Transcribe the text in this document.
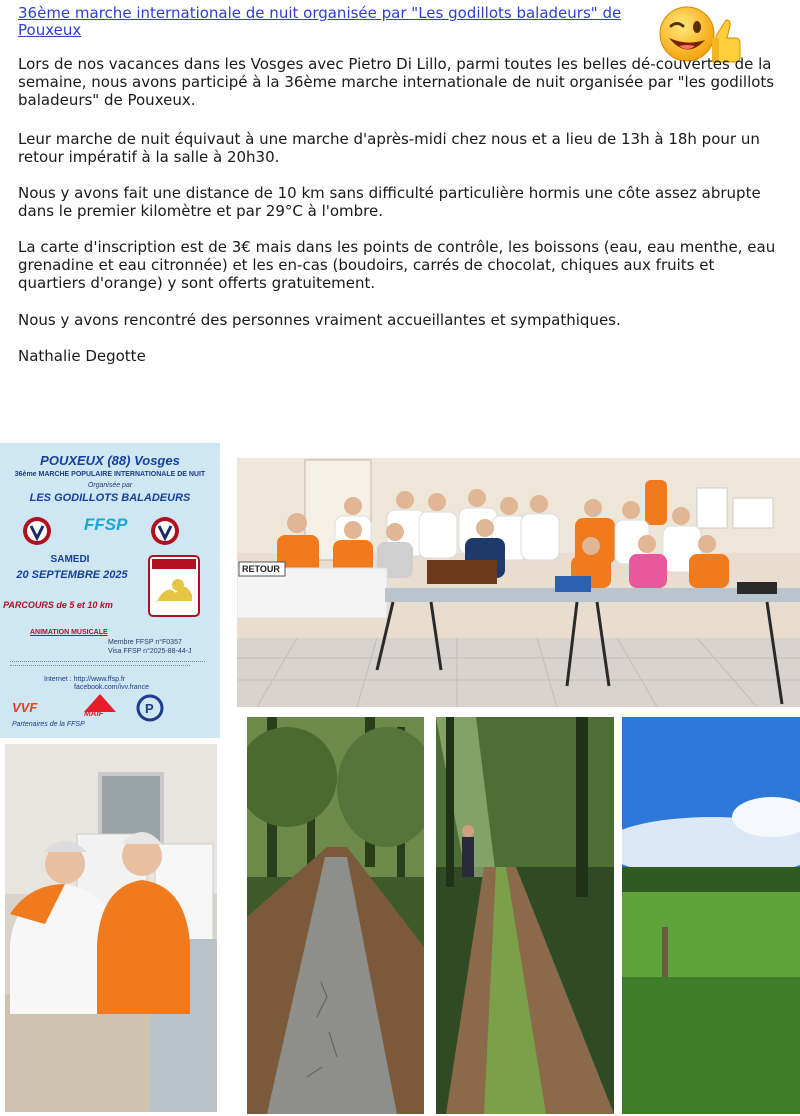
36ème marche internationale de nuit organisée par "Les godillots baladeurs" de Pouxeux

Lors de nos vacances dans les Vosges avec Pietro Di Lillo, parmi toutes les belles dé-couvertes de la semaine, nous avons participé à la 36ème marche internationale de nuit organisée par "les godillots baladeurs" de Pouxeux.

Leur marche de nuit équivaut à une marche d'après-midi chez nous et a lieu de 13h à 18h pour un retour impératif à la salle à 20h30.

Nous y avons fait une distance de 10 km sans difficulté particulière hormis une côte assez abrupte dans le premier kilomètre et par 29°C à l'ombre.

La carte d'inscription est de 3€ mais dans les points de contrôle, les boissons (eau, eau menthe, eau grenadine et eau citronnée) et les en-cas (boudoirs, carrés de chocolat, chiques aux fruits et quartiers d'orange) y sont offerts gratuitement.

Nous y avons rencontré des personnes vraiment accueillantes et sympathiques.

Nathalie Degotte

POUXEUX (88) Vosges
36ème MARCHE POPULAIRE INTERNATIONALE DE NUIT
Organisée par
LES GODILLOTS BALADEURS
FFSP
SAMEDI
20 SEPTEMBRE 2025
PARCOURS de 5 et 10 km
ANIMATION MUSICALE
Membre FFSP n°F0357
Visa FFSP n°2025-88-44-J
Internet : http://www.ffsp.fr
facebook.com/ivv.france
VVF	MAIF	P
Partenaires de la FFSP
RETOUR
